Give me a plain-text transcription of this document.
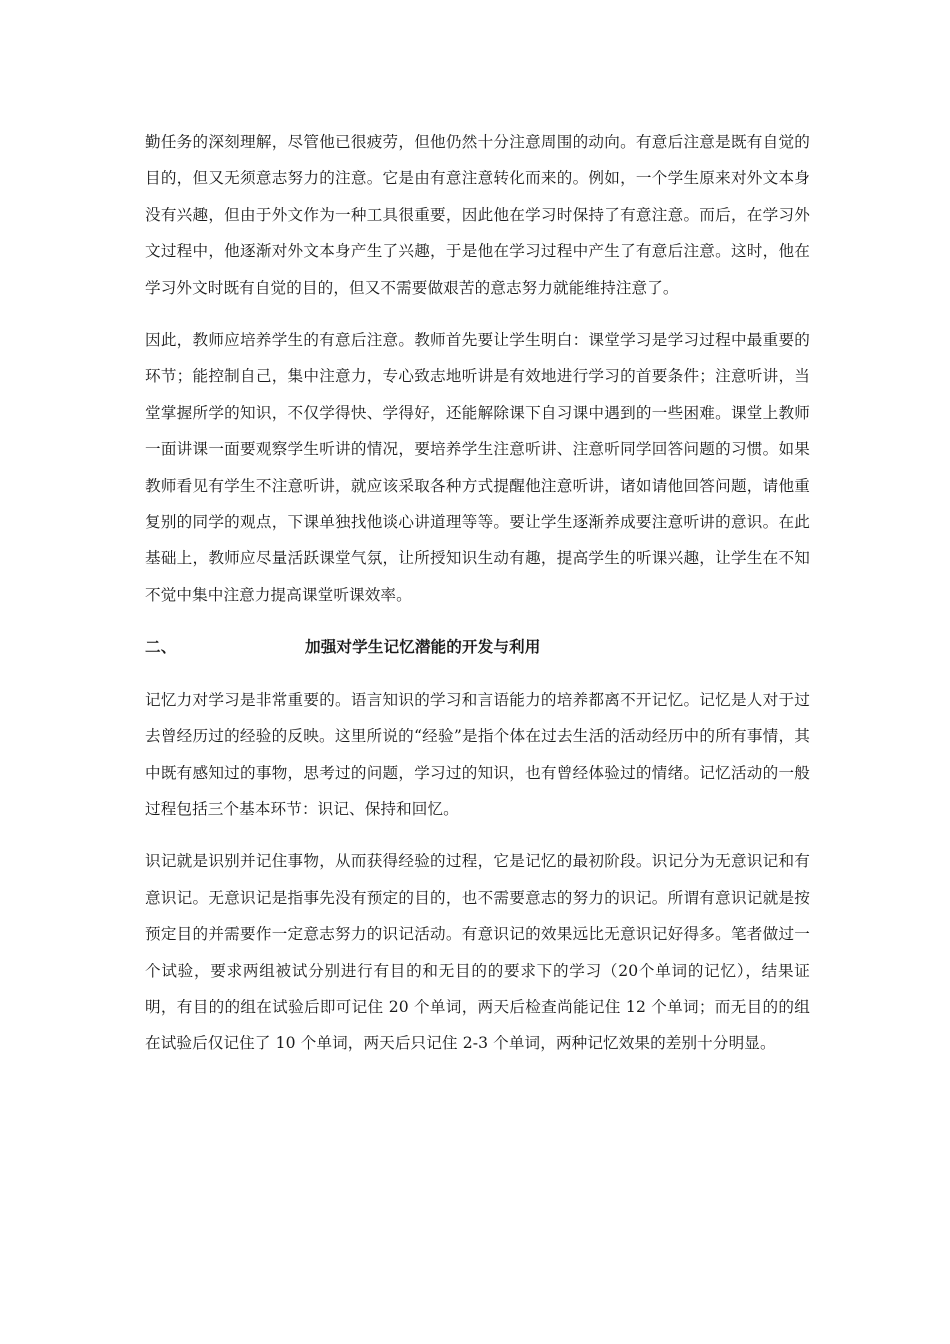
勤任务的深刻理解，尽管他已很疲劳，但他仍然十分注意周围的动向。有意后注意是既有自觉的目的，但又无须意志努力的注意。它是由有意注意转化而来的。例如，一个学生原来对外文本身没有兴趣，但由于外文作为一种工具很重要，因此他在学习时保持了有意注意。而后，在学习外文过程中，他逐渐对外文本身产生了兴趣，于是他在学习过程中产生了有意后注意。这时，他在学习外文时既有自觉的目的，但又不需要做艰苦的意志努力就能维持注意了。

因此，教师应培养学生的有意后注意。教师首先要让学生明白：课堂学习是学习过程中最重要的环节；能控制自己，集中注意力，专心致志地听讲是有效地进行学习的首要条件；注意听讲，当堂掌握所学的知识，不仅学得快、学得好，还能解除课下自习课中遇到的一些困难。课堂上教师一面讲课一面要观察学生听讲的情况，要培养学生注意听讲、注意听同学回答问题的习惯。如果教师看见有学生不注意听讲，就应该采取各种方式提醒他注意听讲，诸如请他回答问题，请他重复别的同学的观点，下课单独找他谈心讲道理等等。要让学生逐渐养成要注意听讲的意识。在此基础上，教师应尽量活跃课堂气氛，让所授知识生动有趣，提高学生的听课兴趣，让学生在不知不觉中集中注意力提高课堂听课效率。

二、	加强对学生记忆潜能的开发与利用

记忆力对学习是非常重要的。语言知识的学习和言语能力的培养都离不开记忆。记忆是人对于过去曾经历过的经验的反映。这里所说的“经验”是指个体在过去生活的活动经历中的所有事情，其中既有感知过的事物，思考过的问题，学习过的知识，也有曾经体验过的情绪。记忆活动的一般过程包括三个基本环节：识记、保持和回忆。

识记就是识别并记住事物，从而获得经验的过程，它是记忆的最初阶段。识记分为无意识记和有意识记。无意识记是指事先没有预定的目的，也不需要意志的努力的识记。所谓有意识记就是按预定目的并需要作一定意志努力的识记活动。有意识记的效果远比无意识记好得多。笔者做过一个试验，要求两组被试分别进行有目的和无目的的要求下的学习（20个单词的记忆），结果证明，有目的的组在试验后即可记住 20 个单词，两天后检查尚能记住 12 个单词；而无目的的组在试验后仅记住了 10 个单词，两天后只记住 2-3 个单词，两种记忆效果的差别十分明显。
